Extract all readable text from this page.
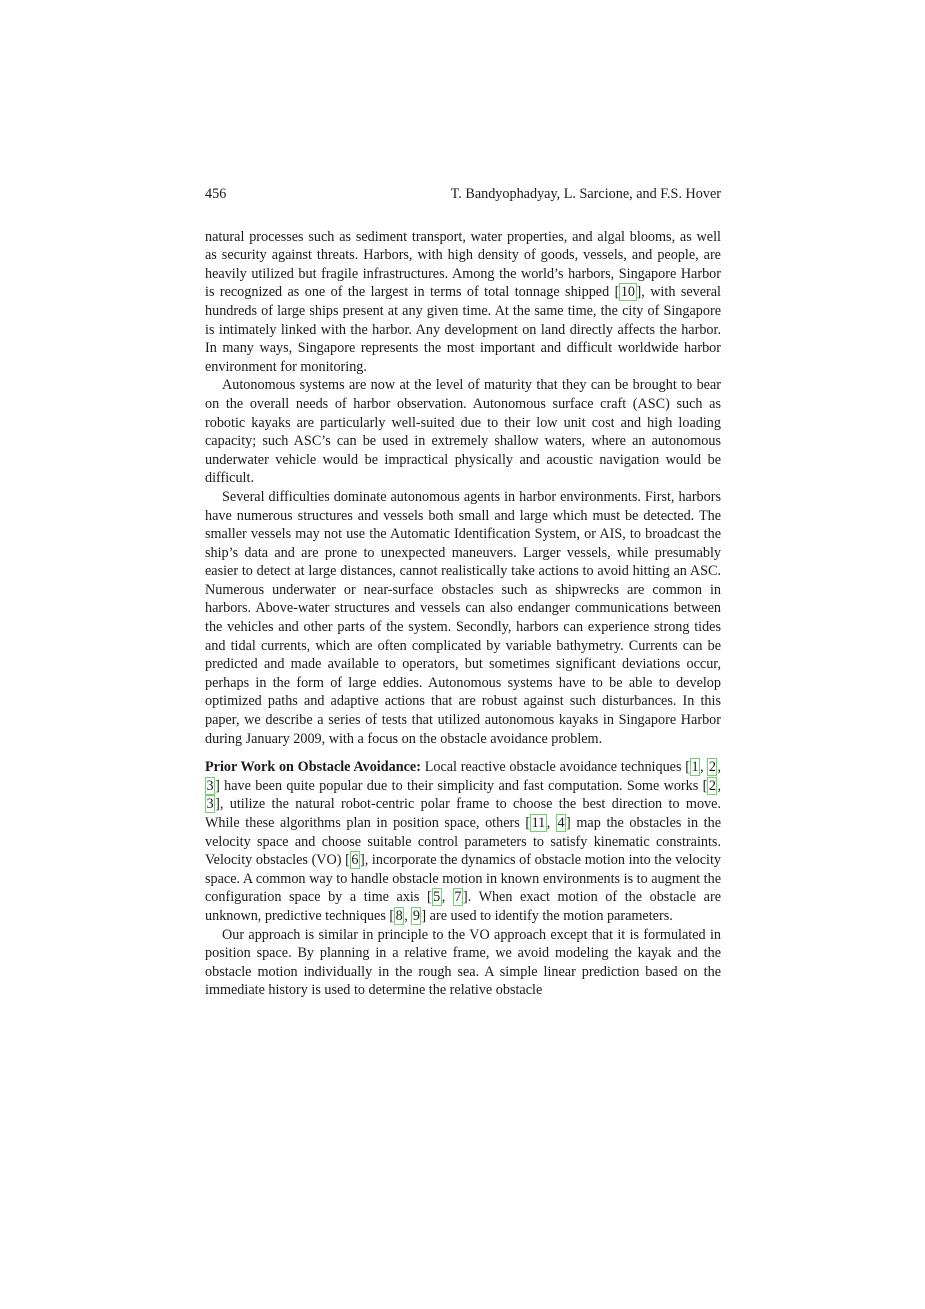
456	T. Bandyophadyay, L. Sarcione, and F.S. Hover

natural processes such as sediment transport, water properties, and algal blooms, as well as security against threats. Harbors, with high density of goods, vessels, and people, are heavily utilized but fragile infrastructures. Among the world’s harbors, Singapore Harbor is recognized as one of the largest in terms of total tonnage shipped [ 10 ], with several hundreds of large ships present at any given time. At the same time, the city of Singapore is intimately linked with the harbor. Any development on land directly affects the harbor. In many ways, Singapore represents the most important and difficult worldwide harbor environment for monitoring.

Autonomous systems are now at the level of maturity that they can be brought to bear on the overall needs of harbor observation. Autonomous surface craft (ASC) such as robotic kayaks are particularly well-suited due to their low unit cost and high loading capacity; such ASC’s can be used in extremely shallow waters, where an autonomous underwater vehicle would be impractical physically and acoustic navigation would be difficult.

Several difficulties dominate autonomous agents in harbor environments. First, harbors have numerous structures and vessels both small and large which must be detected. The smaller vessels may not use the Automatic Identification System, or AIS, to broadcast the ship’s data and are prone to unexpected maneuvers. Larger vessels, while presumably easier to detect at large distances, cannot realistically take actions to avoid hitting an ASC. Numerous underwater or near-surface obstacles such as shipwrecks are common in harbors. Above-water structures and vessels can also endanger communications between the vehicles and other parts of the system. Secondly, harbors can experience strong tides and tidal currents, which are often complicated by variable bathymetry. Currents can be predicted and made available to operators, but sometimes significant deviations occur, perhaps in the form of large eddies. Autonomous systems have to be able to develop optimized paths and adaptive actions that are robust against such disturbances. In this paper, we describe a series of tests that utilized autonomous kayaks in Singapore Harbor during January 2009, with a focus on the obstacle avoidance problem.

Prior Work on Obstacle Avoidance: Local reactive obstacle avoidance techniques [ 1 , 2 , 3 ] have been quite popular due to their simplicity and fast computation. Some works [ 2 , 3 ], utilize the natural robot-centric polar frame to choose the best direction to move. While these algorithms plan in position space, others [ 11 , 4 ] map the obstacles in the velocity space and choose suitable control parameters to satisfy kinematic constraints. Velocity obstacles (VO) [ 6 ], incorporate the dynamics of obstacle motion into the velocity space. A common way to handle obstacle motion in known environments is to augment the configuration space by a time axis [ 5 , 7 ]. When exact motion of the obstacle are unknown, predictive techniques [ 8 , 9 ] are used to identify the motion parameters.

Our approach is similar in principle to the VO approach except that it is formulated in position space. By planning in a relative frame, we avoid modeling the kayak and the obstacle motion individually in the rough sea. A simple linear prediction based on the immediate history is used to determine the relative obstacle
